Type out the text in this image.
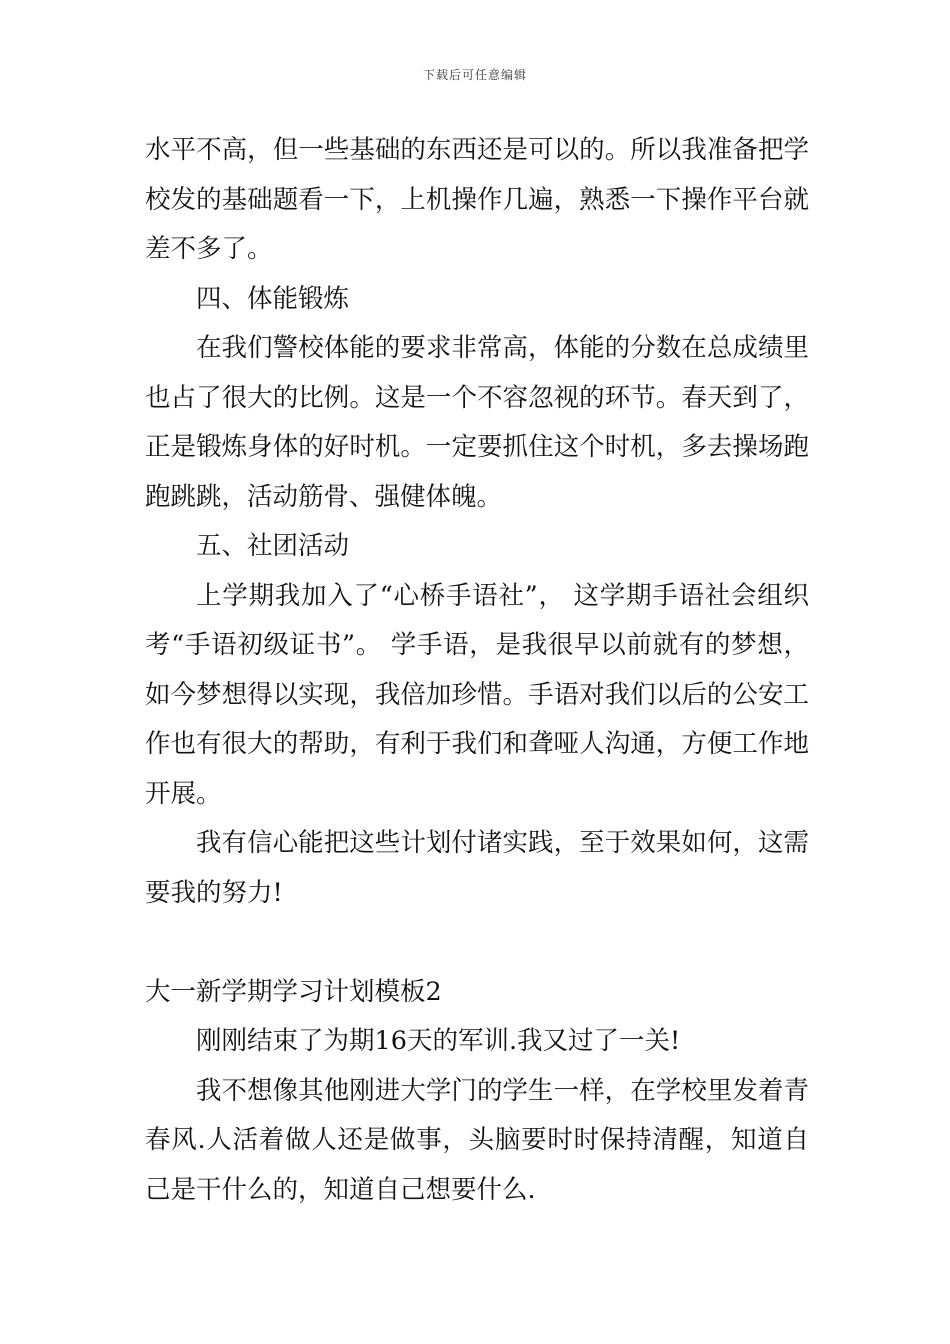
下载后可任意编辑

水平不高，但一些基础的东西还是可以的。所以我准备把学校发的基础题看一下，上机操作几遍，熟悉一下操作平台就差不多了。

四、体能锻炼

在我们警校体能的要求非常高，体能的分数在总成绩里也占了很大的比例。这是一个不容忽视的环节。春天到了，正是锻炼身体的好时机。一定要抓住这个时机，多去操场跑跑跳跳，活动筋骨、强健体魄。

五、社团活动

上学期我加入了“心桥手语社”， 这学期手语社会组织考“手语初级证书”。 学手语，是我很早以前就有的梦想，如今梦想得以实现，我倍加珍惜。手语对我们以后的公安工作也有很大的帮助，有利于我们和聋哑人沟通，方便工作地开展。

我有信心能把这些计划付诸实践，至于效果如何，这需要我的努力!

大一新学期学习计划模板2

刚刚结束了为期16天的军训.我又过了一关!

我不想像其他刚进大学门的学生一样，在学校里发着青春风.人活着做人还是做事，头脑要时时保持清醒，知道自己是干什么的，知道自己想要什么.
